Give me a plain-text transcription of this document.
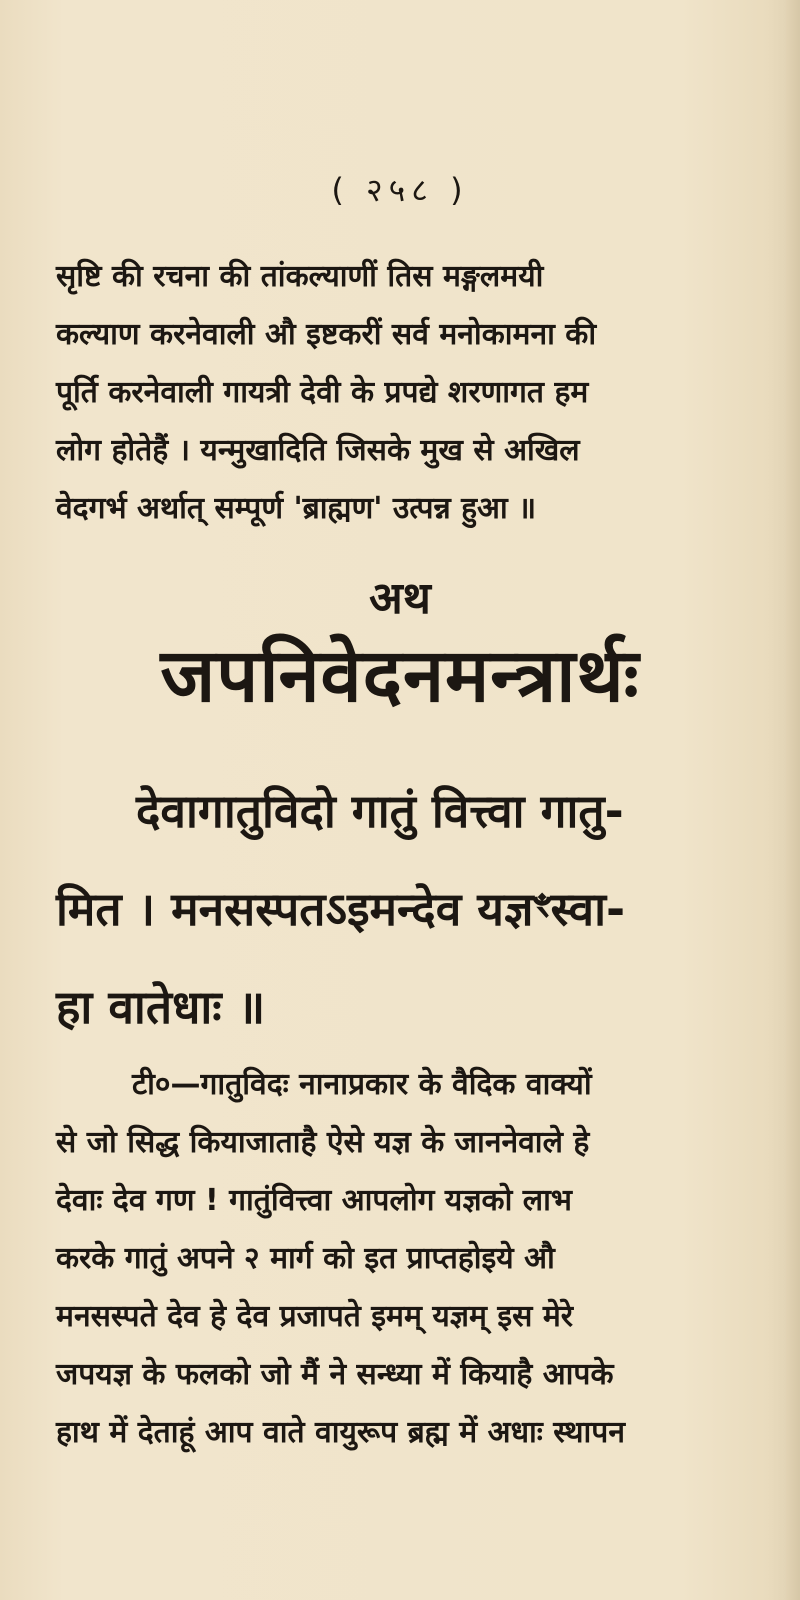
( २५८ )

सृष्टि की रचना की तांकल्याणीं तिस मङ्गलमयी

कल्याण करनेवाली औ इष्टकरीं सर्व मनोकामना की

पूर्ति करनेवाली गायत्री देवी के प्रपद्ये शरणागत हम

लोग होतेहैं । यन्मुखादिति जिसके मुख से अखिल

वेदगर्भ अर्थात् सम्पूर्ण 'ब्राह्मण' उत्पन्न हुआ ॥

अथ
जपनिवेदनमन्त्रार्थः
देवागातुविदो गातुं वित्त्वा गातु-
मित । मनसस्पतऽइमन्देव यज्ञꣳस्वा-
हा वातेधाः ॥
टी०—गातुविदः नानाप्रकार के वैदिक वाक्यों
से जो सिद्ध कियाजाताहै ऐसे यज्ञ के जाननेवाले हे
देवाः देव गण ! गातुंवित्त्वा आपलोग यज्ञको लाभ
करके गातुं अपने २ मार्ग को इत प्राप्तहोइये औ
मनसस्पते देव हे देव प्रजापते इमम् यज्ञम् इस मेरे
जपयज्ञ के फलको जो मैं ने सन्ध्या में कियाहै आपके
हाथ में देताहूं आप वाते वायुरूप ब्रह्म में अधाः स्थापन
